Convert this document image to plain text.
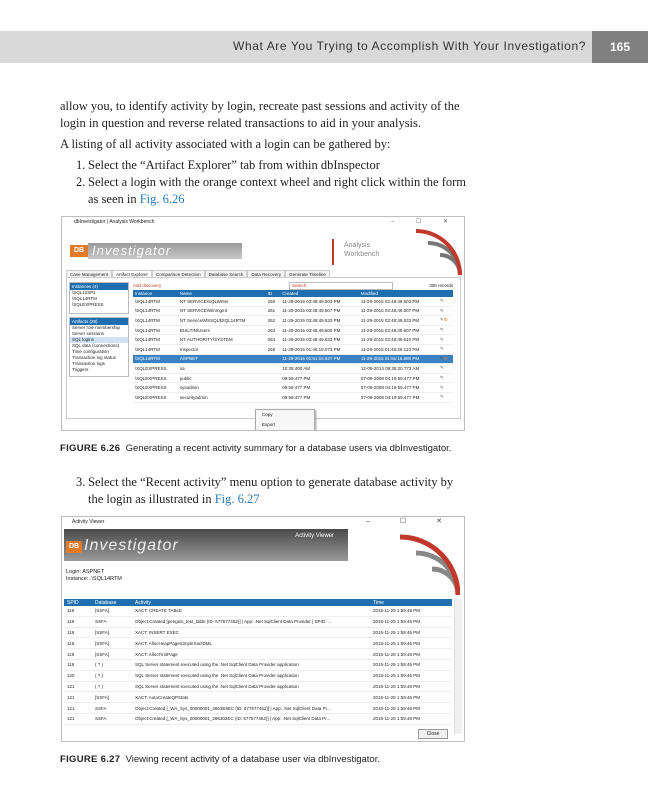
What Are You Trying to Accomplish With Your Investigation?	165

allow you, to identify activity by login, recreate past sessions and activity of the login in question and reverse related transactions to aid in your analysis.

A listing of all activity associated with a login can be gathered by:

1. Select the “Artifact Explorer” tab from within dbInspector
2. Select a login with the orange context wheel and right click within the form as seen in Fig. 6.26
dbInvestigator | Analysis Workbench	– ☐ ✕
DB Investigator	Analysis
Workbench
Case Management Artifact Explorer Comparison Detection Database Search Data Recovery Generate Timeline
Instances (4)
\SQL12SP1
\SQL14RTM
\SQLEXPRESS
Artifacts (28)
Server role membership
Server sessions
SQL logins
SQL data (connections)
Time configuration
Transaction log status
Transaction logs
Triggers
Add discovery	Search	308 records
Instance	Name	ID	Created	Modified	
\SQL14RTM	NT SERVICE\SQLWriter	260	11-29-2015 03:48:49.503 PM	11-29-2015 03:48:49.503 PM	✎
\SQL14RTM	NT SERVICE\Winmgmt	261	11-29-2015 03:48:49.507 PM	11-29-2015 03:48:49.507 PM	✎
\SQL14RTM	NT Service\MSSQL$SQL14RTM	262	11-29-2015 03:48:49.533 PM	11-29-2015 03:48:49.533 PM	✎⚙
\SQL14RTM	BUILTIN\Users	263	11-29-2015 03:48:49.600 PM	11-29-2015 03:48:49.607 PM	✎
\SQL14RTM	NT AUTHORITY\SYSTEM	264	11-29-2015 03:48:49.633 PM	11-29-2015 03:48:49.610 PM	✎
\SQL14RTM	Inspector	265	11-29-2015 01:46:19.073 PM	11-29-2015 01:46:26.123 PM	✎
\SQL14RTM	ASPNET		11-29-2015 01:51:15.627 PM	11-29-2015 01:51:15.680 PM	✎⚙
\SQLEXPRESS	sa		10:35:400 AM	12-09-2014 09:35:20.773 AM	✎
\SQLEXPRESS	public		09:59:477 PM	07-09-2008 04:19:59.477 PM	✎
\SQLEXPRESS	sysadmin		09:59:477 PM	07-09-2008 04:19:59.477 PM	✎
\SQLEXPRESS	securityadmin		09:59:477 PM	07-09-2008 04:19:59.477 PM	✎
Copy
Export
FIGURE 6.26 Generating a recent activity summary for a database users via dbInvestigator.
3. Select the “Recent activity” menu option to generate database activity by the login as illustrated in Fig. 6.27
Activity Viewer	– ☐ ✕
DB Investigator
Activity Viewer
Login: ASPNET
Instance: .\SQL14RTM
SPID	Database	Activity	Time
119	[SSFA]	XACT: CREATE TABLE	2015-11-29 1:59:46 PM
119	SSFA	Object:Created [pengsin_test_table (ID: 677577452)] | App: .Net SqlClient Data Provider | SPID: ...	2015-11-29 1:59:46 PM
119	[SSFA]	XACT: INSERT EXEC	2015-11-29 1:59:46 PM
119	[SSFA]	XACT: AllocHeapPageSimpleXactDML	2015-11-29 1:59:46 PM
119	[SSFA]	XACT: AllocFirstPage	2015-11-29 1:59:46 PM
119	( ? )	SQL Server statement executed using the .Net SqlClient Data Provider application	2015-11-29 1:59:46 PM
120	( ? )	SQL Server statement executed using the .Net SqlClient Data Provider application	2015-11-29 1:59:46 PM
121	( ? )	SQL Server statement executed using the .Net SqlClient Data Provider application	2015-11-29 1:59:46 PM
121	[SSFA]	XACT: AutoCreateQPStats	2015-11-29 1:59:46 PM
121	SSFA	Object:Created [_WA_Sys_00000001_2863E8EC (ID: 677577452)] | App: .Net SqlClient Data Pr...	2015-11-29 1:59:46 PM
121	SSFA	Object:Created [_WA_Sys_00000001_286302EC (ID: 677577452)] | App: .Net SqlClient Data Pr...	2015-11-29 1:59:46 PM
Close
FIGURE 6.27 Viewing recent activity of a database user via dbInvestigator.
